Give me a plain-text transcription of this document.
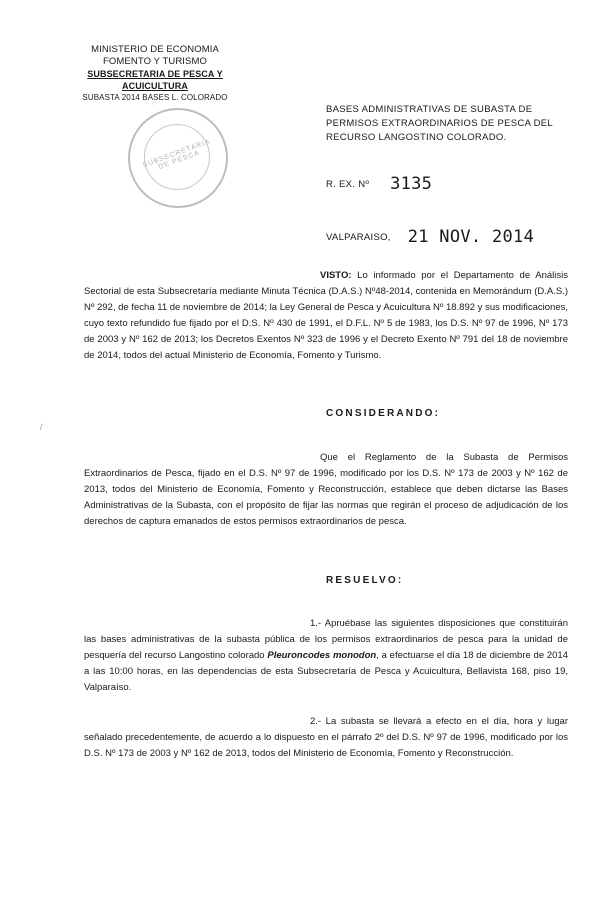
MINISTERIO DE ECONOMIA
FOMENTO Y TURISMO
SUBSECRETARIA DE PESCA Y ACUICULTURA
SUBASTA 2014 BASES L. COLORADO
SUBSECRETARIA DE PESCA
BASES ADMINISTRATIVAS DE SUBASTA DE PERMISOS EXTRAORDINARIOS DE PESCA DEL RECURSO LANGOSTINO COLORADO.
R. EX. Nº 3135
VALPARAISO, 21 NOV. 2014
VISTO: Lo informado por el Departamento de Análisis Sectorial de esta Subsecretaría mediante Minuta Técnica (D.A.S.) Nº48-2014, contenida en Memorándum (D.A.S.) Nº 292, de fecha 11 de noviembre de 2014; la Ley General de Pesca y Acuicultura Nº 18.892 y sus modificaciones, cuyo texto refundido fue fijado por el D.S. Nº 430 de 1991, el D.F.L. Nº 5 de 1983, los D.S. Nº 97 de 1996, Nº 173 de 2003 y Nº 162 de 2013; los Decretos Exentos Nº 323 de 1996 y el Decreto Exento Nº 791 del 18 de noviembre de 2014, todos del actual Ministerio de Economía, Fomento y Turismo.
/
CONSIDERANDO:
Que el Reglamento de la Subasta de Permisos Extraordinarios de Pesca, fijado en el D.S. Nº 97 de 1996, modificado por los D.S. Nº 173 de 2003 y Nº 162 de 2013, todos del Ministerio de Economía, Fomento y Reconstrucción, establece que deben dictarse las Bases Administrativas de la Subasta, con el propósito de fijar las normas que regirán el proceso de adjudicación de los derechos de captura emanados de estos permisos extraordinarios de pesca.
RESUELVO:
1.- Apruébase las siguientes disposiciones que constituirán las bases administrativas de la subasta pública de los permisos extraordinarios de pesca para la unidad de pesquería del recurso Langostino colorado Pleuroncodes monodon, a efectuarse el día 18 de diciembre de 2014 a las 10:00 horas, en las dependencias de esta Subsecretaría de Pesca y Acuicultura, Bellavista 168, piso 19, Valparaíso.
2.- La subasta se llevará a efecto en el día, hora y lugar señalado precedentemente, de acuerdo a lo dispuesto en el párrafo 2º del D.S. Nº 97 de 1996, modificado por los D.S. Nº 173 de 2003 y Nº 162 de 2013, todos del Ministerio de Economía, Fomento y Reconstrucción.
